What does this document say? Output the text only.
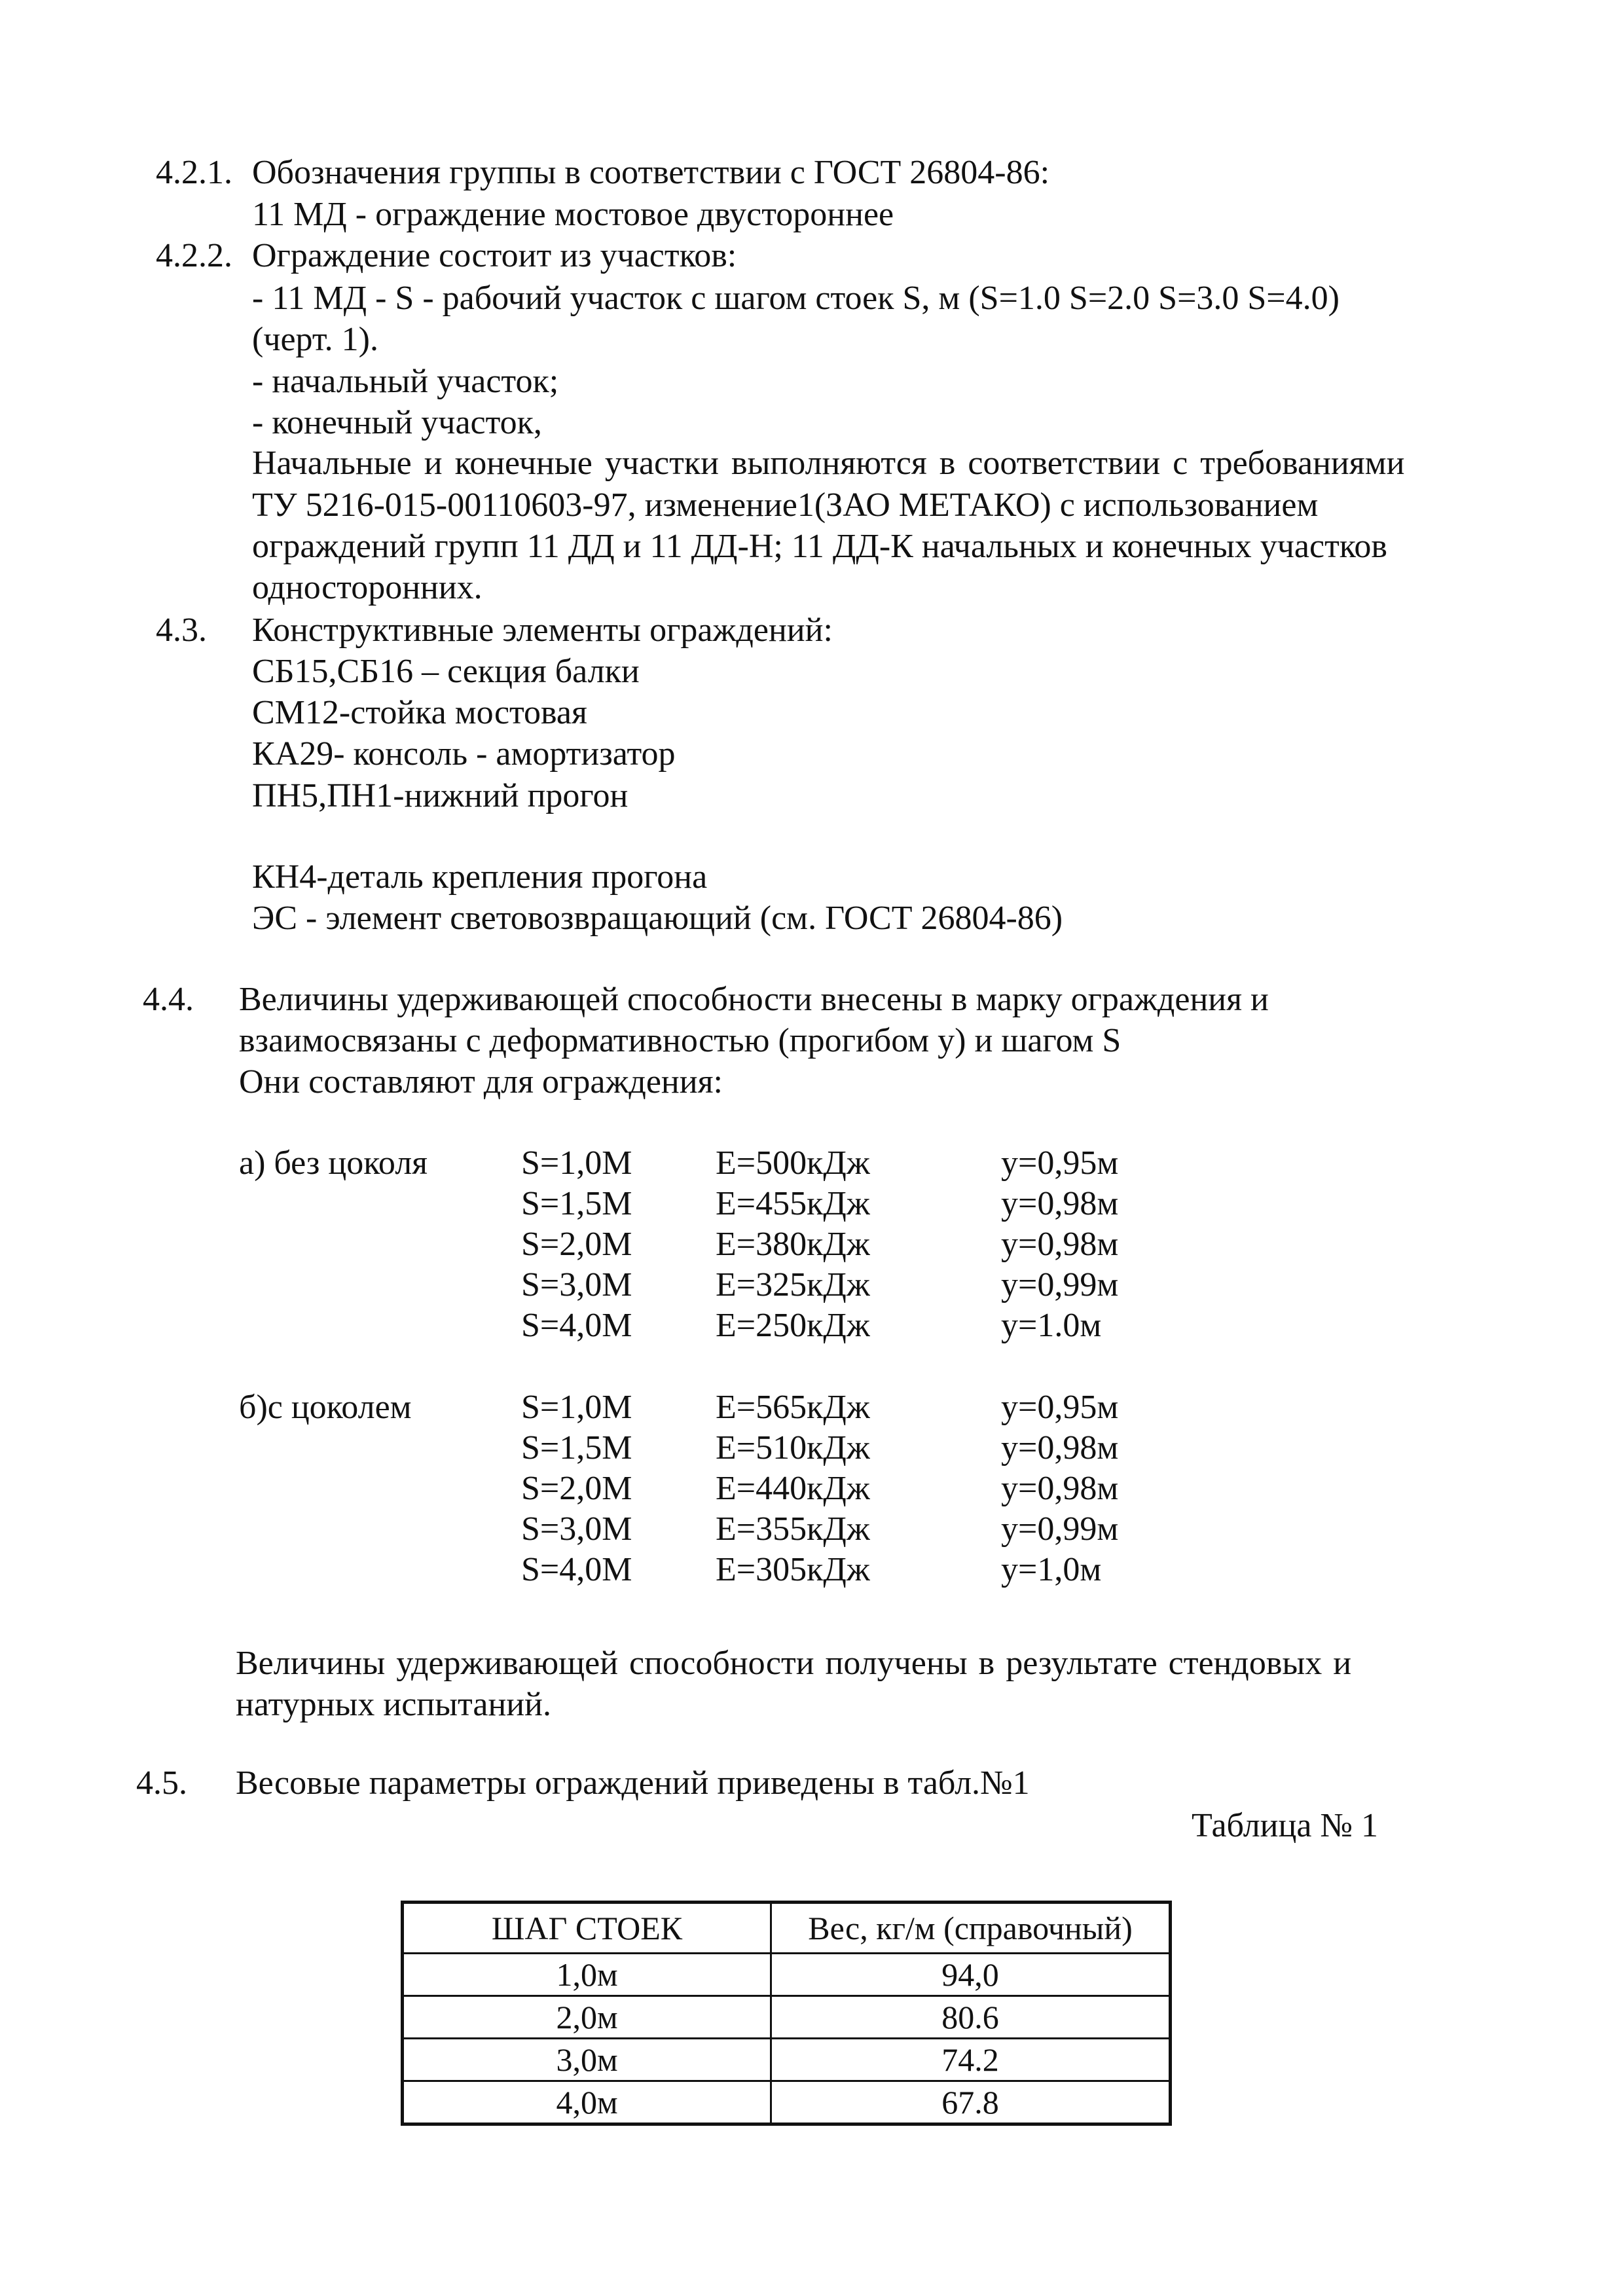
4.2.1. Обозначения группы в соответствии с ГОСТ 26804-86:
11 МД - ограждение мостовое двустороннее
4.2.2. Ограждение состоит из участков:
- 11 МД - S - рабочий участок с шагом стоек S, м (S=1.0 S=2.0 S=3.0 S=4.0)
(черт. 1).
- начальный участок;
- конечный участок,
Начальные и конечные участки выполняются в соответствии с требованиями
ТУ 5216-015-00110603-97, изменение1(ЗАО МЕТАКО) с использованием
ограждений групп 11 ДД и 11 ДД-Н; 11 ДД-К начальных и конечных участков
односторонних.
4.3. Конструктивные элементы ограждений:
СБ15,СБ16 – секция балки
СМ12-стойка мостовая
КА29- консоль - амортизатор
ПН5,ПН1-нижний прогон
КН4-деталь крепления прогона
ЭС - элемент световозвращающий (см. ГОСТ 26804-86)
4.4. Величины удерживающей способности внесены в марку ограждения и
взаимосвязаны с деформативностью (прогибом у) и шагом S
Они составляют для ограждения:
а) без цоколя	S=1,0M E=500кДж	у=0,95м
S=1,5M E=455кДж	у=0,98м
S=2,0M E=380кДж	у=0,98м
S=3,0M E=325кДж	у=0,99м
S=4,0M E=250кДж	у=1.0м
б)с цоколем	S=1,0M E=565кДж	у=0,95м
S=1,5M E=510кДж	у=0,98м
S=2,0M E=440кДж	у=0,98м
S=3,0M E=355кДж	у=0,99м
S=4,0M E=305кДж	у=1,0м
Величины удерживающей способности получены в результате стендовых и
натурных испытаний.
4.5. Весовые параметры ограждений приведены в табл.№1
Таблица № 1
ШАГ СТОЕК	Вес, кг/м (справочный)
1,0м	94,0
2,0м	80.6
3,0м	74.2
4,0м	67.8
